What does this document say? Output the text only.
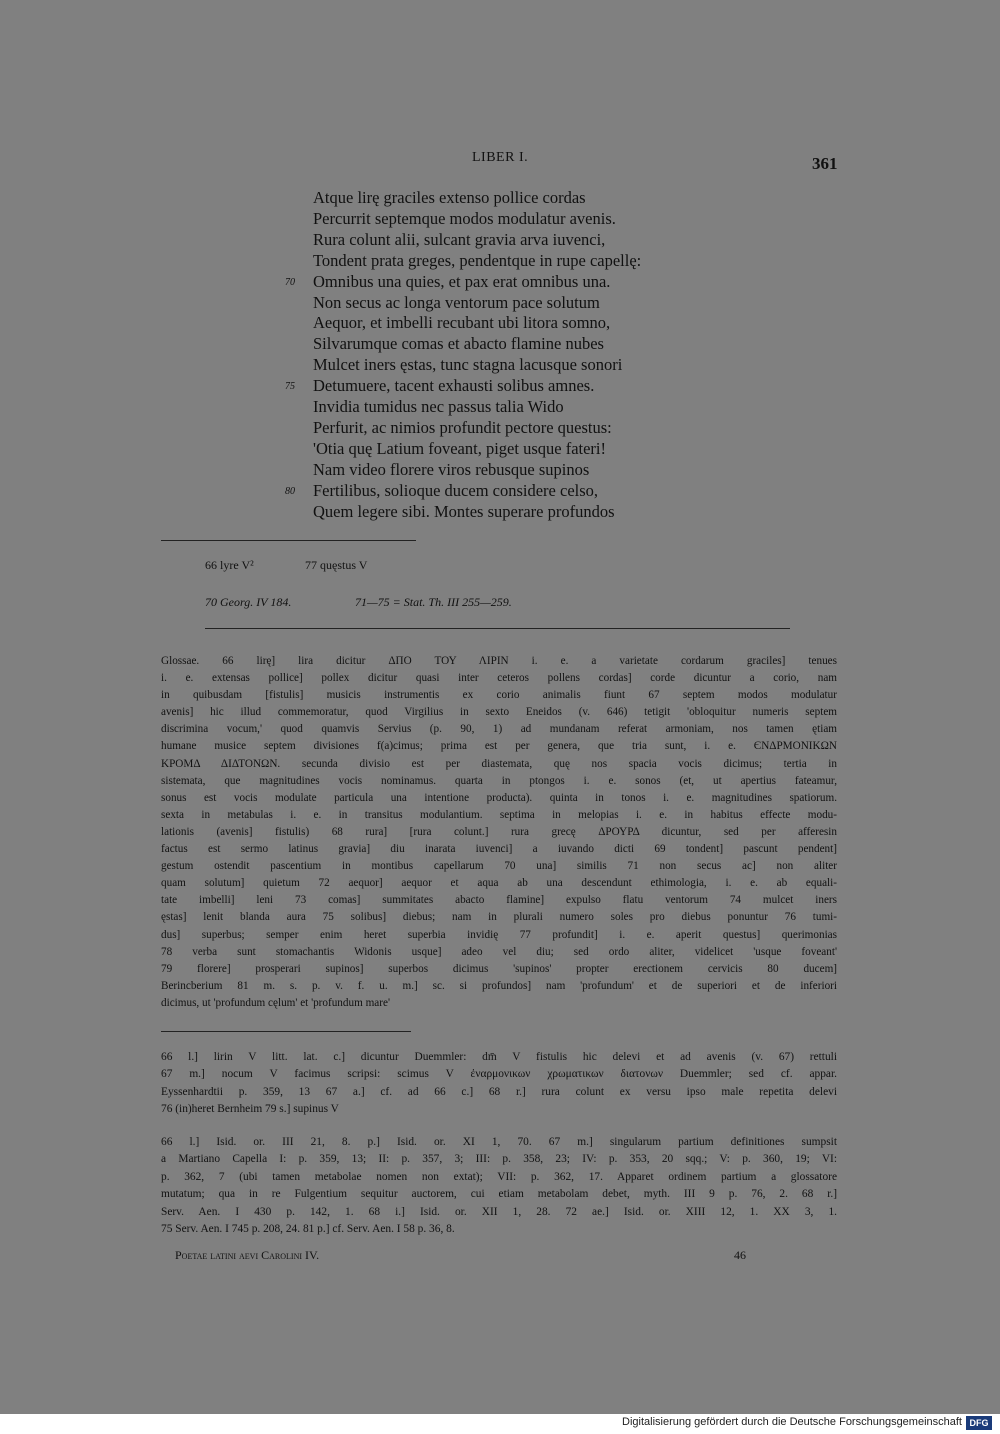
LIBER I.	361
Atque lirę graciles extenso pollice cordas
Percurrit septemque modos modulatur avenis.
Rura colunt alii, sulcant gravia arva iuvenci,
Tondent prata greges, pendentque in rupe capellę:
70 Omnibus una quies, et pax erat omnibus una.
Non secus ac longa ventorum pace solutum
Aequor, et imbelli recubant ubi litora somno,
Silvarumque comas et abacto flamine nubes
Mulcet iners ęstas, tunc stagna lacusque sonori
75 Detumuere, tacent exhausti solibus amnes.
Invidia tumidus nec passus talia Wido
Perfurit, ac nimios profundit pectore questus:
'Otia quę Latium foveant, piget usque fateri!
Nam video florere viros rebusque supinos
80 Fertilibus, solioque ducem considere celso,
Quem legere sibi. Montes superare profundos
66 lyre V²	77 quęstus V
70 Georg. IV 184.	71—75 = Stat. Th. III 255—259.
Glossae. 66 lirę] lira dicitur ΔΠΟ ΤΟΥ ΛΙΡΙΝ i. e. a varietate cordarum graciles] tenues
i. e. extensas pollice] pollex dicitur quasi inter ceteros pollens cordas] corde dicuntur a corio, nam
in quibusdam [fistulis] musicis instrumentis ex corio animalis fiunt 67 septem modos modulatur
avenis] hic illud commemoratur, quod Virgilius in sexto Eneidos (v. 646) tetigit 'obloquitur numeris septem
discrimina vocum,' quod quamvis Servius (p. 90, 1) ad mundanam referat armoniam, nos tamen ętiam
humane musice septem divisiones f(a)cimus; prima est per genera, que tria sunt, i. e. ЄΝΔΡΜΟΝΙΚΩΝ
ΚΡΟΜΔ ΔΙΔΤΟΝΩΝ. secunda divisio est per diastemata, quę nos spacia vocis dicimus; tertia in
sistemata, que magnitudines vocis nominamus. quarta in ptongos i. e. sonos (et, ut apertius fateamur,
sonus est vocis modulate particula una intentione producta). quinta in tonos i. e. magnitudines spatiorum.
sexta in metabulas i. e. in transitus modulantium. septima in melopias i. e. in habitus effecte modu-
lationis (avenis] fistulis) 68 rura] [rura colunt.] rura grecę ΔΡΟΥΡΔ dicuntur, sed per afferesin
factus est sermo latinus gravia] diu inarata iuvenci] a iuvando dicti 69 tondent] pascunt pendent]
gestum ostendit pascentium in montibus capellarum 70 una] similis 71 non secus ac] non aliter
quam solutum] quietum 72 aequor] aequor et aqua ab una descendunt ethimologia, i. e. ab equali-
tate imbelli] leni 73 comas] summitates abacto flamine] expulso flatu ventorum 74 mulcet iners
ęstas] lenit blanda aura 75 solibus] diebus; nam in plurali numero soles pro diebus ponuntur 76 tumi-
dus] superbus; semper enim heret superbia invidię 77 profundit] i. e. aperit questus] querimonias
78 verba sunt stomachantis Widonis usque] adeo vel diu; sed ordo aliter, videlicet 'usque foveant'
79 florere] prosperari supinos] superbos dicimus 'supinos' propter erectionem cervicis 80 ducem]
Berincberium 81 m. s. p. v. f. u. m.] sc. si profundos] nam 'profundum' et de superiori et de inferiori
dicimus, ut 'profundum cęlum' et 'profundum mare'
66 l.] lirin V litt. lat. c.] dicuntur Duemmler: dm̄ V fistulis hic delevi et ad avenis (v. 67) rettuli
67 m.] nocum V facimus scripsi: scimus V ἐναρμονικων χρωματικων διατονων Duemmler; sed cf. appar.
Eyssenhardtii p. 359, 13 67 a.] cf. ad 66 c.] 68 r.] rura colunt ex versu ipso male repetita delevi
76 (in)heret Bernheim 79 s.] supinus V
66 l.] Isid. or. III 21, 8. p.] Isid. or. XI 1, 70. 67 m.] singularum partium definitiones sumpsit
a Martiano Capella I: p. 359, 13; II: p. 357, 3; III: p. 358, 23; IV: p. 353, 20 sqq.; V: p. 360, 19; VI:
p. 362, 7 (ubi tamen metabolae nomen non extat); VII: p. 362, 17. Apparet ordinem partium a glossatore
mutatum; qua in re Fulgentium sequitur auctorem, cui etiam metabolam debet, myth. III 9 p. 76, 2. 68 r.]
Serv. Aen. I 430 p. 142, 1. 68 i.] Isid. or. XII 1, 28. 72 ae.] Isid. or. XIII 12, 1. XX 3, 1.
75 Serv. Aen. I 745 p. 208, 24. 81 p.] cf. Serv. Aen. I 58 p. 36, 8.
Poetae latini aevi Carolini IV.	46
Digitalisierung gefördert durch die Deutsche Forschungsgemeinschaft DFG
